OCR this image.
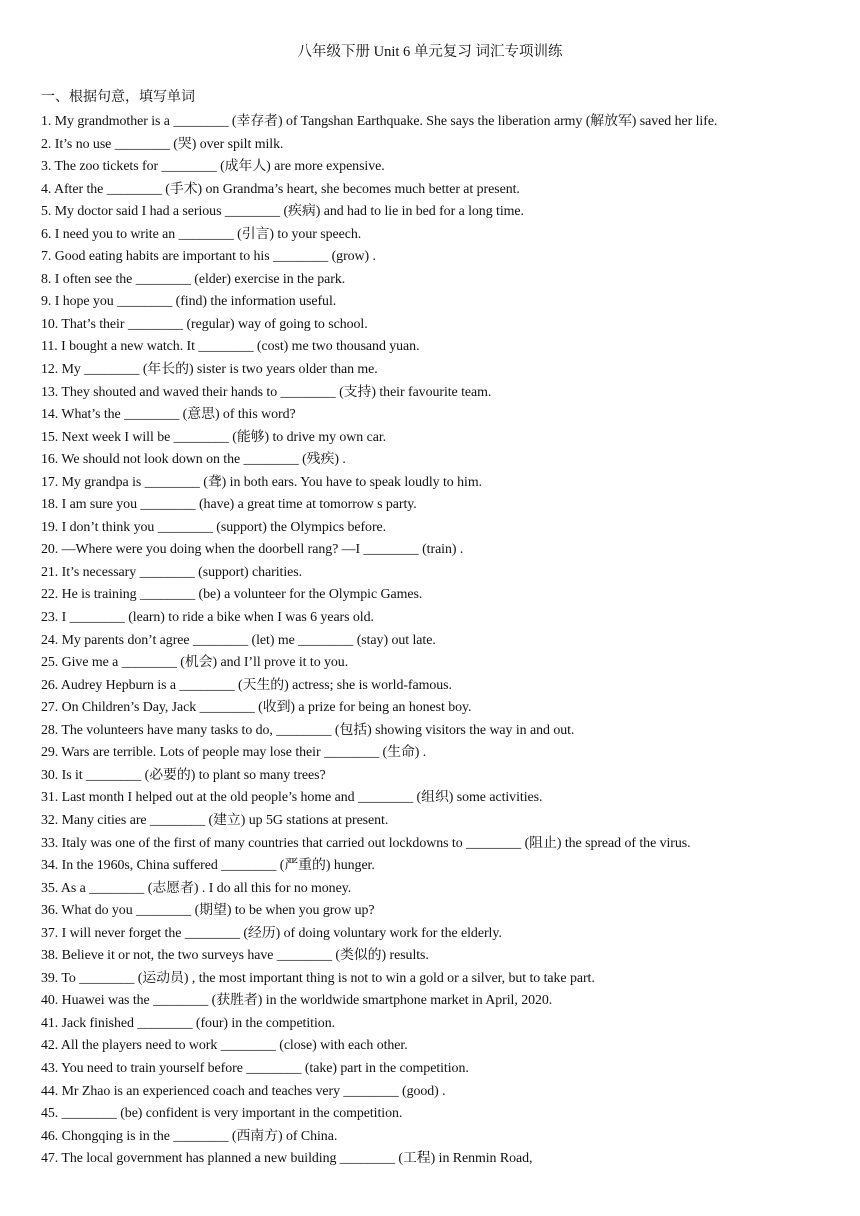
八年级下册 Unit 6 单元复习 词汇专项训练
一、根据句意，填写单词
1. My grandmother is a ________ (幸存者) of Tangshan Earthquake. She says the liberation army (解放军) saved her life.
2. It’s no use ________ (哭) over spilt milk.
3. The zoo tickets for ________ (成年人) are more expensive.
4. After the ________ (手术) on Grandma’s heart, she becomes much better at present.
5. My doctor said I had a serious ________ (疾病) and had to lie in bed for a long time.
6. I need you to write an ________ (引言) to your speech.
7. Good eating habits are important to his ________ (grow) .
8. I often see the ________ (elder) exercise in the park.
9. I hope you ________ (find) the information useful.
10. That’s their ________ (regular) way of going to school.
11. I bought a new watch. It ________ (cost) me two thousand yuan.
12. My ________ (年长的) sister is two years older than me.
13. They shouted and waved their hands to ________ (支持) their favourite team.
14. What’s the ________ (意思) of this word?
15. Next week I will be ________ (能够) to drive my own car.
16. We should not look down on the ________ (残疾) .
17. My grandpa is ________ (聋) in both ears. You have to speak loudly to him.
18. I am sure you ________ (have) a great time at tomorrow s party.
19. I don’t think you ________ (support) the Olympics before.
20. —Where were you doing when the doorbell rang? —I ________ (train) .
21. It’s necessary ________ (support) charities.
22. He is training ________ (be) a volunteer for the Olympic Games.
23. I ________ (learn) to ride a bike when I was 6 years old.
24. My parents don’t agree ________ (let) me ________ (stay) out late.
25. Give me a ________ (机会) and I’ll prove it to you.
26. Audrey Hepburn is a ________ (天生的) actress; she is world-famous.
27. On Children’s Day, Jack ________ (收到) a prize for being an honest boy.
28. The volunteers have many tasks to do, ________ (包括) showing visitors the way in and out.
29. Wars are terrible. Lots of people may lose their ________ (生命) .
30. Is it ________ (必要的) to plant so many trees?
31. Last month I helped out at the old people’s home and ________ (组织) some activities.
32. Many cities are ________ (建立) up 5G stations at present.
33. Italy was one of the first of many countries that carried out lockdowns to ________ (阻止) the spread of the virus.
34. In the 1960s, China suffered ________ (严重的) hunger.
35. As a ________ (志愿者) . I do all this for no money.
36. What do you ________ (期望) to be when you grow up?
37. I will never forget the ________ (经历) of doing voluntary work for the elderly.
38. Believe it or not, the two surveys have ________ (类似的) results.
39. To ________ (运动员) , the most important thing is not to win a gold or a silver, but to take part.
40. Huawei was the ________ (获胜者) in the worldwide smartphone market in April, 2020.
41. Jack finished ________ (four) in the competition.
42. All the players need to work ________ (close) with each other.
43. You need to train yourself before ________ (take) part in the competition.
44. Mr Zhao is an experienced coach and teaches very ________ (good) .
45. ________ (be) confident is very important in the competition.
46. Chongqing is in the ________ (西南方) of China.
47. The local government has planned a new building ________ (工程) in Renmin Road,
